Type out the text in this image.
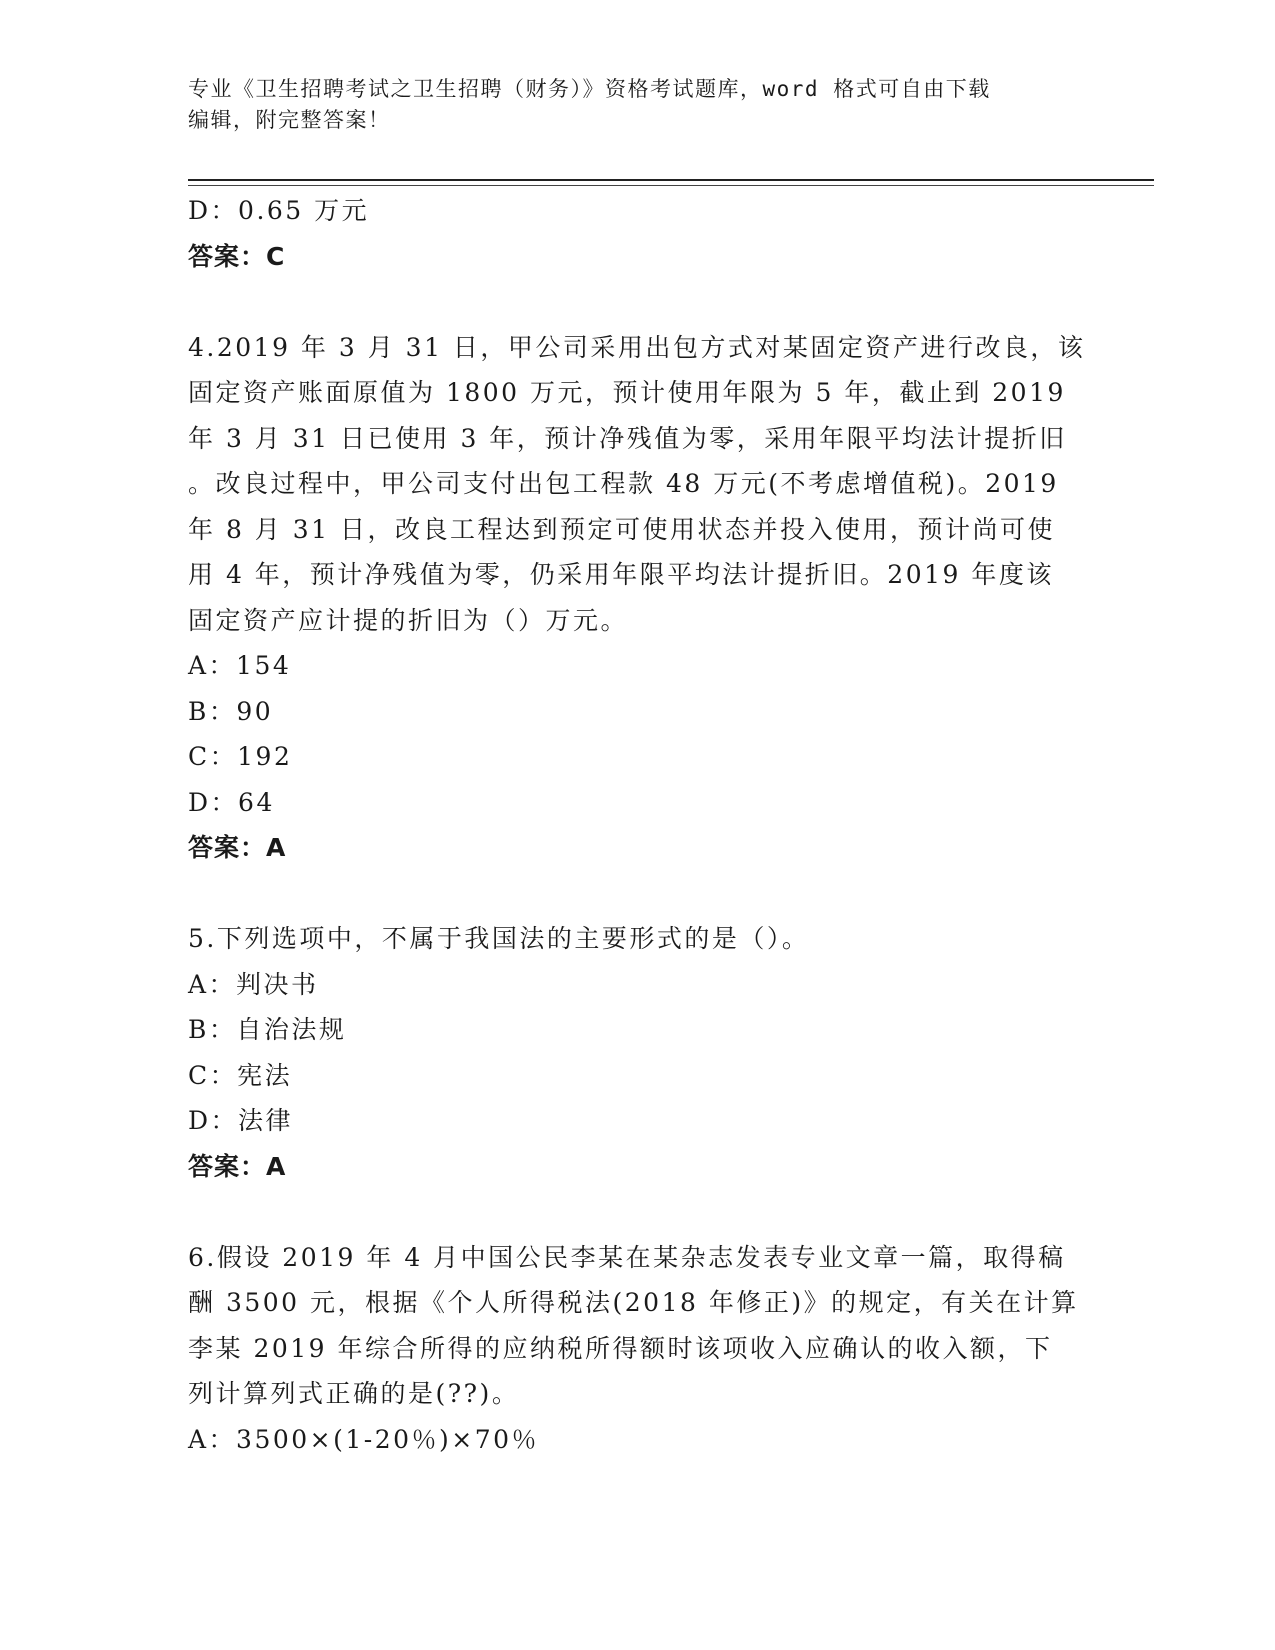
专业《卫生招聘考试之卫生招聘（财务）》资格考试题库，word 格式可自由下载
编辑，附完整答案！
D：0.65 万元
答案：C
4.2019 年 3 月 31 日，甲公司采用出包方式对某固定资产进行改良，该
固定资产账面原值为 1800 万元，预计使用年限为 5 年，截止到 2019
年 3 月 31 日已使用 3 年，预计净残值为零，采用年限平均法计提折旧
。改良过程中，甲公司支付出包工程款 48 万元(不考虑增值税)。2019
年 8 月 31 日，改良工程达到预定可使用状态并投入使用，预计尚可使
用 4 年，预计净残值为零，仍采用年限平均法计提折旧。2019 年度该
固定资产应计提的折旧为（）万元。
A：154
B：90
C：192
D：64
答案：A
5.下列选项中，不属于我国法的主要形式的是（）。
A：判决书
B：自治法规
C：宪法
D：法律
答案：A
6.假设 2019 年 4 月中国公民李某在某杂志发表专业文章一篇，取得稿
酬 3500 元，根据《个人所得税法(2018 年修正)》的规定，有关在计算
李某 2019 年综合所得的应纳税所得额时该项收入应确认的收入额，下
列计算列式正确的是(??)。
A：3500×(1-20％)×70％
